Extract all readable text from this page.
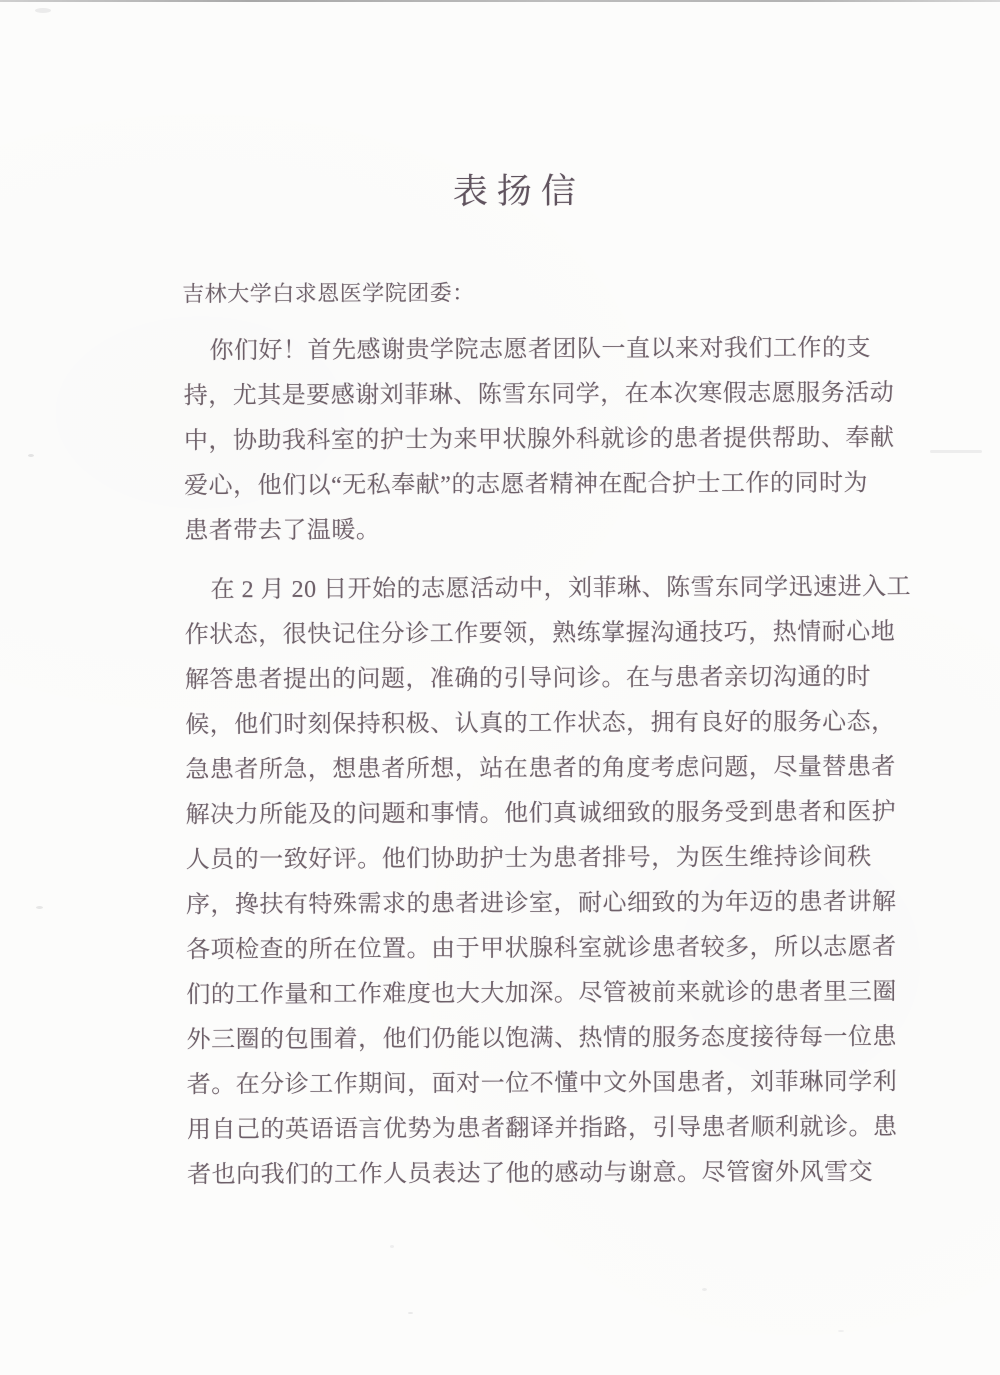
表扬信
吉林大学白求恩医学院团委：
你们好！首先感谢贵学院志愿者团队一直以来对我们工作的支
持，尤其是要感谢刘菲琳、陈雪东同学，在本次寒假志愿服务活动
中，协助我科室的护士为来甲状腺外科就诊的患者提供帮助、奉献
爱心，他们以“无私奉献”的志愿者精神在配合护士工作的同时为
患者带去了温暖。
在 2 月 20 日开始的志愿活动中，刘菲琳、陈雪东同学迅速进入工
作状态，很快记住分诊工作要领，熟练掌握沟通技巧，热情耐心地
解答患者提出的问题，准确的引导问诊。在与患者亲切沟通的时
候，他们时刻保持积极、认真的工作状态，拥有良好的服务心态，
急患者所急，想患者所想，站在患者的角度考虑问题，尽量替患者
解决力所能及的问题和事情。他们真诚细致的服务受到患者和医护
人员的一致好评。他们协助护士为患者排号，为医生维持诊间秩
序，搀扶有特殊需求的患者进诊室，耐心细致的为年迈的患者讲解
各项检查的所在位置。由于甲状腺科室就诊患者较多，所以志愿者
们的工作量和工作难度也大大加深。尽管被前来就诊的患者里三圈
外三圈的包围着，他们仍能以饱满、热情的服务态度接待每一位患
者。在分诊工作期间，面对一位不懂中文外国患者，刘菲琳同学利
用自己的英语语言优势为患者翻译并指路，引导患者顺利就诊。患
者也向我们的工作人员表达了他的感动与谢意。尽管窗外风雪交
